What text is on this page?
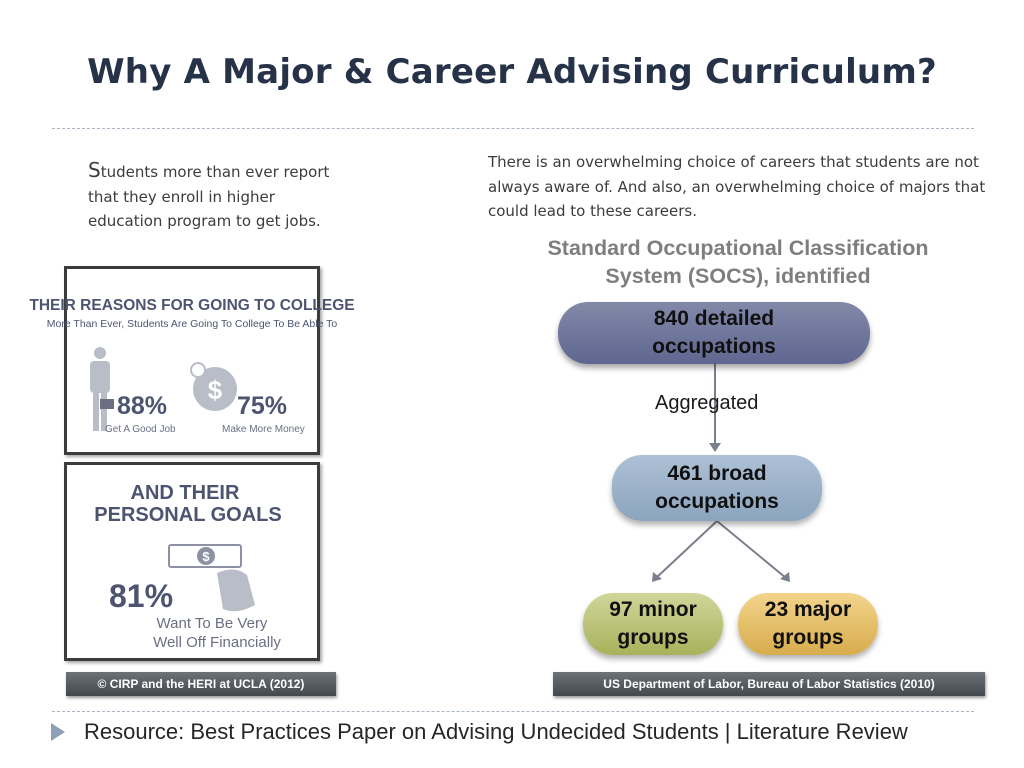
Why A Major & Career Advising Curriculum?
Students more than ever report that they enroll in higher education program to get jobs.
There is an overwhelming choice of careers that students are not always aware of. And also, an overwhelming choice of majors that could lead to these careers.
THEIR REASONS FOR GOING TO COLLEGE
More Than Ever, Students Are Going To College To Be Able To
88%
Get A Good Job
$
75%
Make More Money
AND THEIR
PERSONAL GOALS
$
81%
Want To Be Very
Well Off Financially
© CIRP and the HERI at UCLA (2012)
Standard Occupational Classification
System (SOCS), identified
840 detailed
occupations
Aggregated
461 broad
occupations
97 minor
groups
23 major
groups
US Department of Labor, Bureau of Labor Statistics (2010)
Resource: Best Practices Paper on Advising Undecided Students | Literature Review
